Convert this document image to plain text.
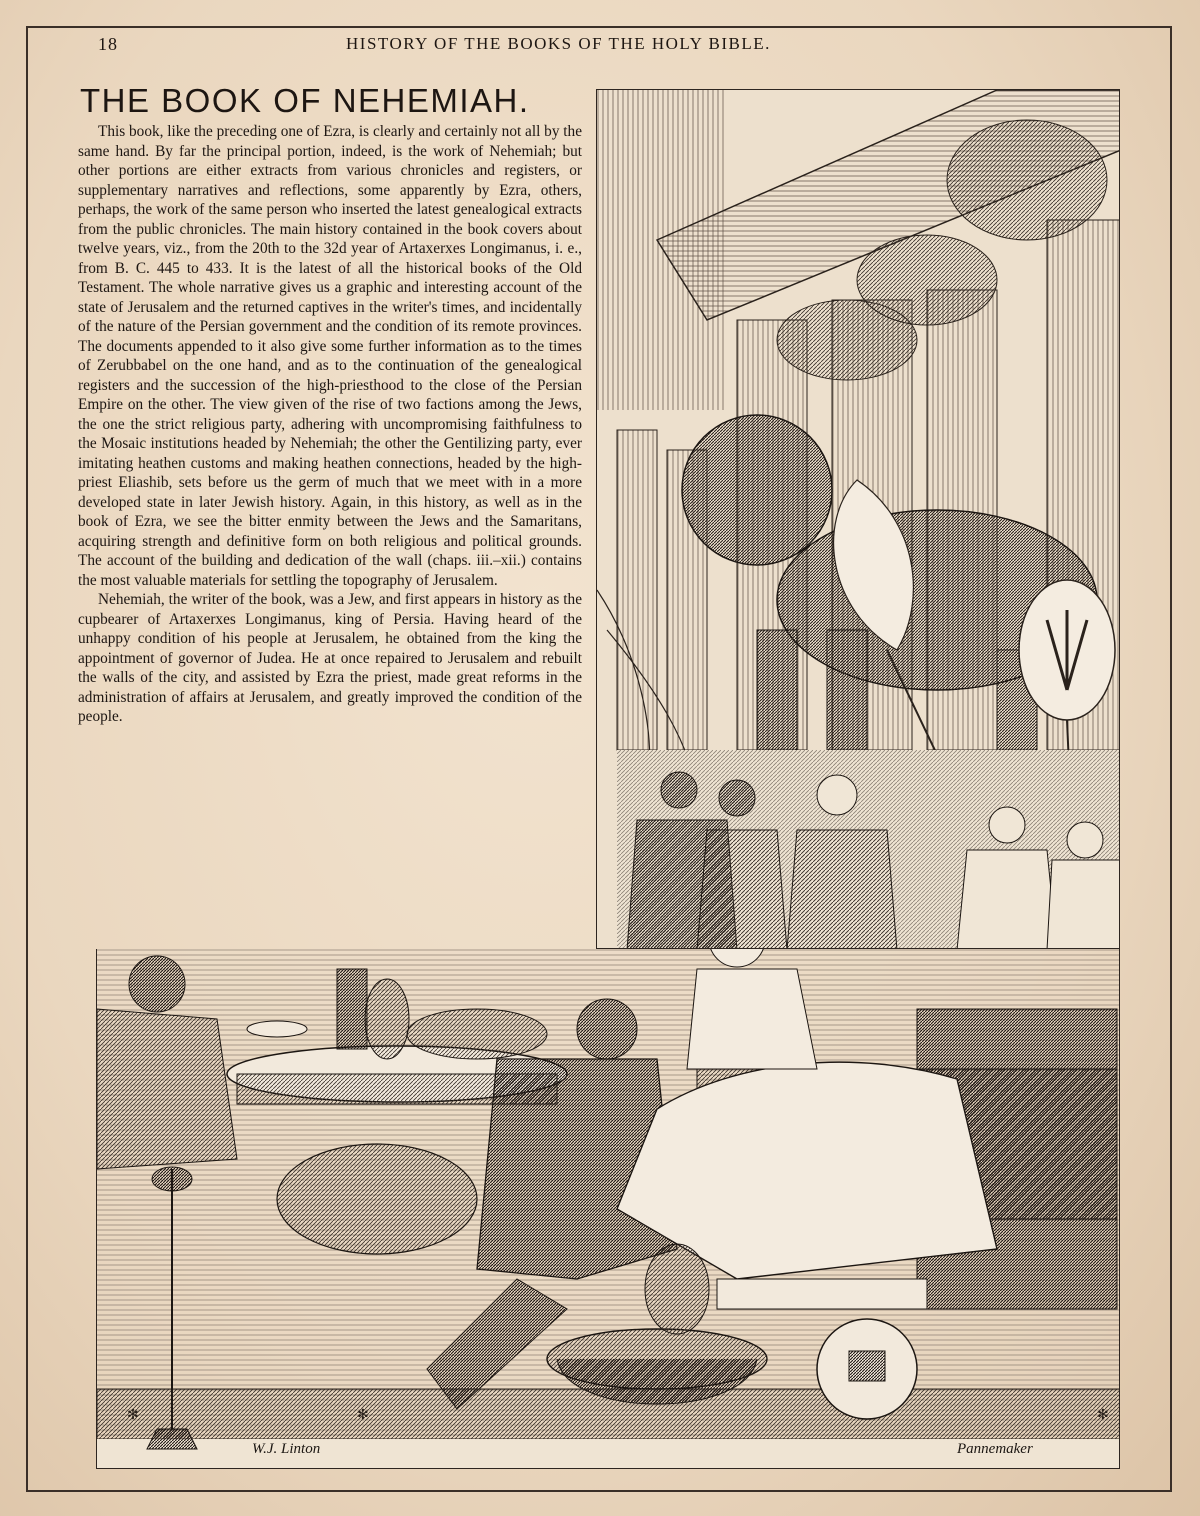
18	HISTORY OF THE BOOKS OF THE HOLY BIBLE.
THE BOOK OF NEHEMIAH.

This book, like the preceding one of Ezra, is clearly and certainly not all by the same hand. By far the principal portion, indeed, is the work of Nehemiah; but other portions are either extracts from various chronicles and registers, or supplementary narratives and reflections, some apparently by Ezra, others, perhaps, the work of the same person who inserted the latest genealogical extracts from the public chronicles. The main history contained in the book covers about twelve years, viz., from the 20th to the 32d year of Artaxerxes Longimanus, i. e., from B. C. 445 to 433. It is the latest of all the historical books of the Old Testament. The whole narrative gives us a graphic and interesting account of the state of Jerusalem and the returned captives in the writer's times, and incidentally of the nature of the Persian government and the condition of its remote provinces. The documents appended to it also give some further information as to the times of Zerubbabel on the one hand, and as to the continuation of the genealogical registers and the succession of the high-priesthood to the close of the Persian Empire on the other. The view given of the rise of two factions among the Jews, the one the strict religious party, adhering with uncompromising faithfulness to the Mosaic institutions headed by Nehemiah; the other the Gentilizing party, ever imitating heathen customs and making heathen connections, headed by the high-priest Eliashib, sets before us the germ of much that we meet with in a more developed state in later Jewish history. Again, in this history, as well as in the book of Ezra, we see the bitter enmity between the Jews and the Samaritans, acquiring strength and definitive form on both religious and political grounds. The account of the building and dedication of the wall (chaps. iii.–xii.) contains the most valuable materials for settling the topography of Jerusalem.

Nehemiah, the writer of the book, was a Jew, and first appears in history as the cupbearer of Artaxerxes Longimanus, king of Persia. Having heard of the unhappy condition of his people at Jerusalem, he obtained from the king the appointment of governor of Judea. He at once repaired to Jerusalem and rebuilt the walls of the city, and assisted by Ezra the priest, made great reforms in the administration of affairs at Jerusalem, and greatly improved the condition of the people.

✻	✻	✻
W.J. Linton	Pannemaker
